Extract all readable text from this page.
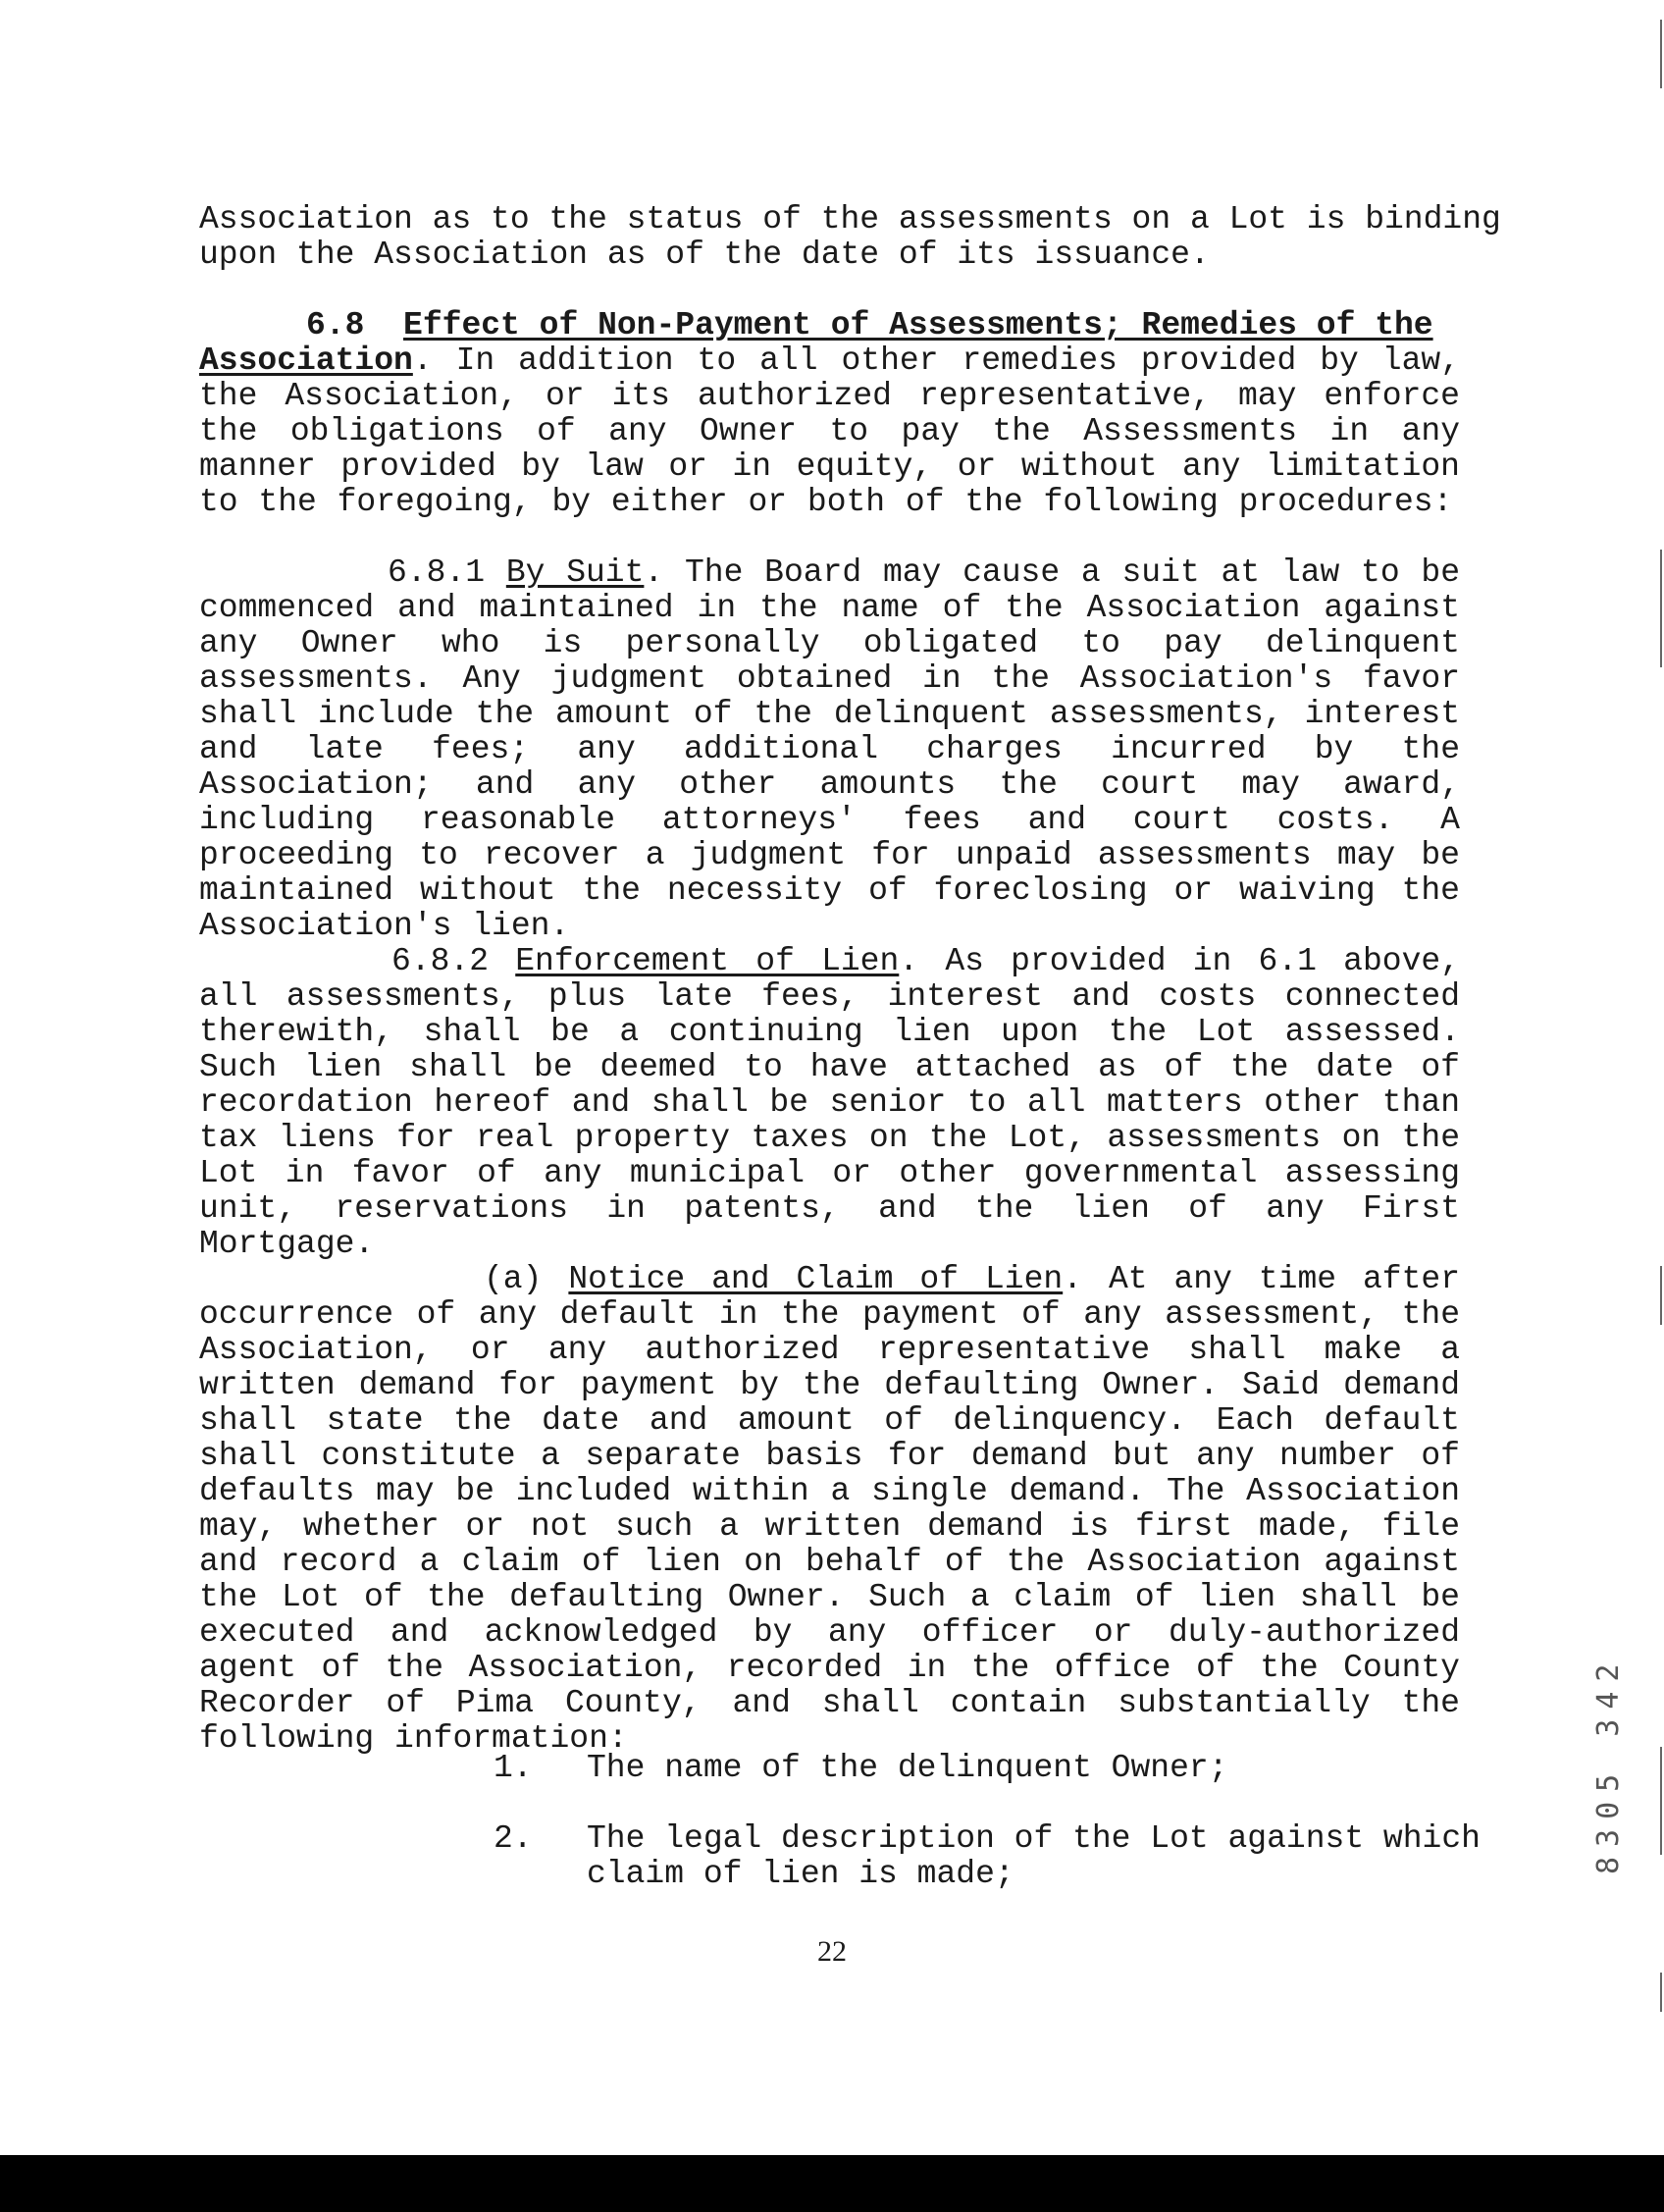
Association as to the status of the assessments on a Lot is binding
upon the Association as of the date of its issuance.
6.8 Effect of Non-Payment of Assessments; Remedies of the
Association. In addition to all other remedies provided by law, the Association, or its authorized representative, may enforce the obligations of any Owner to pay the Assessments in any manner provided by law or in equity, or without any limitation to the foregoing, by either or both of the following procedures:
6.8.1 By Suit. The Board may cause a suit at law to be commenced and maintained in the name of the Association against any Owner who is personally obligated to pay delinquent assessments. Any judgment obtained in the Association's favor shall include the amount of the delinquent assessments, interest and late fees; any additional charges incurred by the Association; and any other amounts the court may award, including reasonable attorneys' fees and court costs. A proceeding to recover a judgment for unpaid assessments may be maintained without the necessity of foreclosing or waiving the Association's lien.
6.8.2 Enforcement of Lien. As provided in 6.1 above, all assessments, plus late fees, interest and costs connected therewith, shall be a continuing lien upon the Lot assessed. Such lien shall be deemed to have attached as of the date of recordation hereof and shall be senior to all matters other than tax liens for real property taxes on the Lot, assessments on the Lot in favor of any municipal or other governmental assessing unit, reservations in patents, and the lien of any First Mortgage.
(a) Notice and Claim of Lien. At any time after occurrence of any default in the payment of any assessment, the Association, or any authorized representative shall make a written demand for payment by the defaulting Owner. Said demand shall state the date and amount of delinquency. Each default shall constitute a separate basis for demand but any number of defaults may be included within a single demand. The Association may, whether or not such a written demand is first made, file and record a claim of lien on behalf of the Association against the Lot of the defaulting Owner. Such a claim of lien shall be executed and acknowledged by any officer or duly-authorized agent of the Association, recorded in the office of the County Recorder of Pima County, and shall contain substantially the following information:
1. The name of the delinquent Owner;
2. The legal description of the Lot against which
claim of lien is made;
22
8305 342
